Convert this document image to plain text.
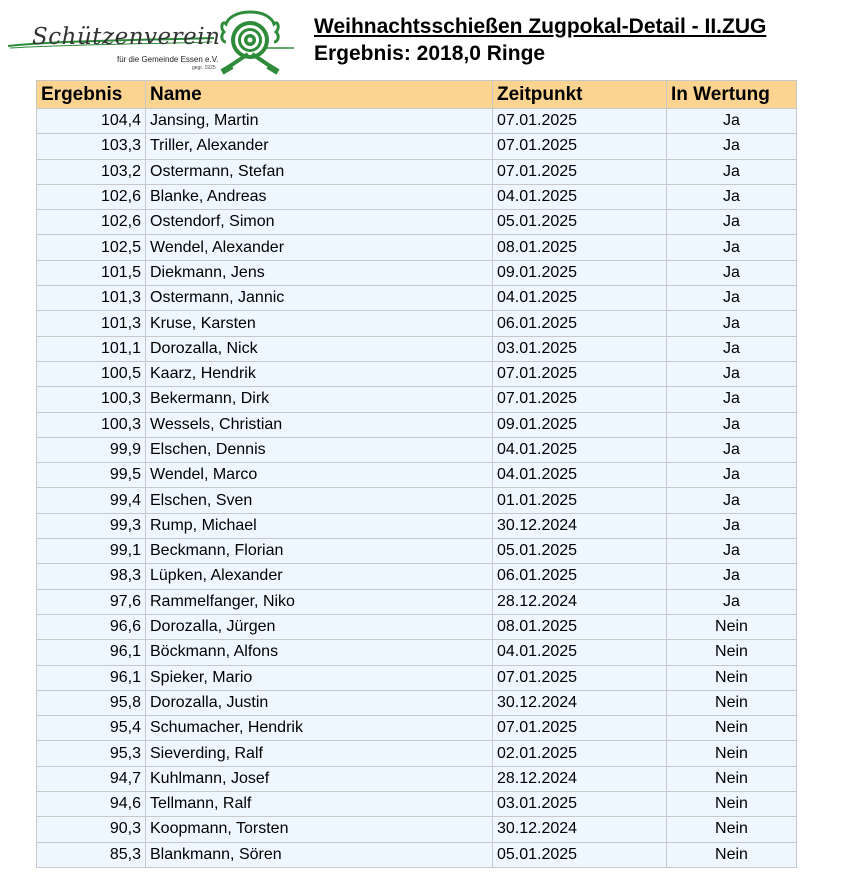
Schützenverein
für die Gemeinde Essen e.V.
gegr. 1925
Weihnachtsschießen Zugpokal-Detail - II.ZUG
Ergebnis: 2018,0 Ringe
Ergebnis	Name	Zeitpunkt	In Wertung
104,4	Jansing, Martin	07.01.2025	Ja
103,3	Triller, Alexander	07.01.2025	Ja
103,2	Ostermann, Stefan	07.01.2025	Ja
102,6	Blanke, Andreas	04.01.2025	Ja
102,6	Ostendorf, Simon	05.01.2025	Ja
102,5	Wendel, Alexander	08.01.2025	Ja
101,5	Diekmann, Jens	09.01.2025	Ja
101,3	Ostermann, Jannic	04.01.2025	Ja
101,3	Kruse, Karsten	06.01.2025	Ja
101,1	Dorozalla, Nick	03.01.2025	Ja
100,5	Kaarz, Hendrik	07.01.2025	Ja
100,3	Bekermann, Dirk	07.01.2025	Ja
100,3	Wessels, Christian	09.01.2025	Ja
99,9	Elschen, Dennis	04.01.2025	Ja
99,5	Wendel, Marco	04.01.2025	Ja
99,4	Elschen, Sven	01.01.2025	Ja
99,3	Rump, Michael	30.12.2024	Ja
99,1	Beckmann, Florian	05.01.2025	Ja
98,3	Lüpken, Alexander	06.01.2025	Ja
97,6	Rammelfanger, Niko	28.12.2024	Ja
96,6	Dorozalla, Jürgen	08.01.2025	Nein
96,1	Böckmann, Alfons	04.01.2025	Nein
96,1	Spieker, Mario	07.01.2025	Nein
95,8	Dorozalla, Justin	30.12.2024	Nein
95,4	Schumacher, Hendrik	07.01.2025	Nein
95,3	Sieverding, Ralf	02.01.2025	Nein
94,7	Kuhlmann, Josef	28.12.2024	Nein
94,6	Tellmann, Ralf	03.01.2025	Nein
90,3	Koopmann, Torsten	30.12.2024	Nein
85,3	Blankmann, Sören	05.01.2025	Nein
